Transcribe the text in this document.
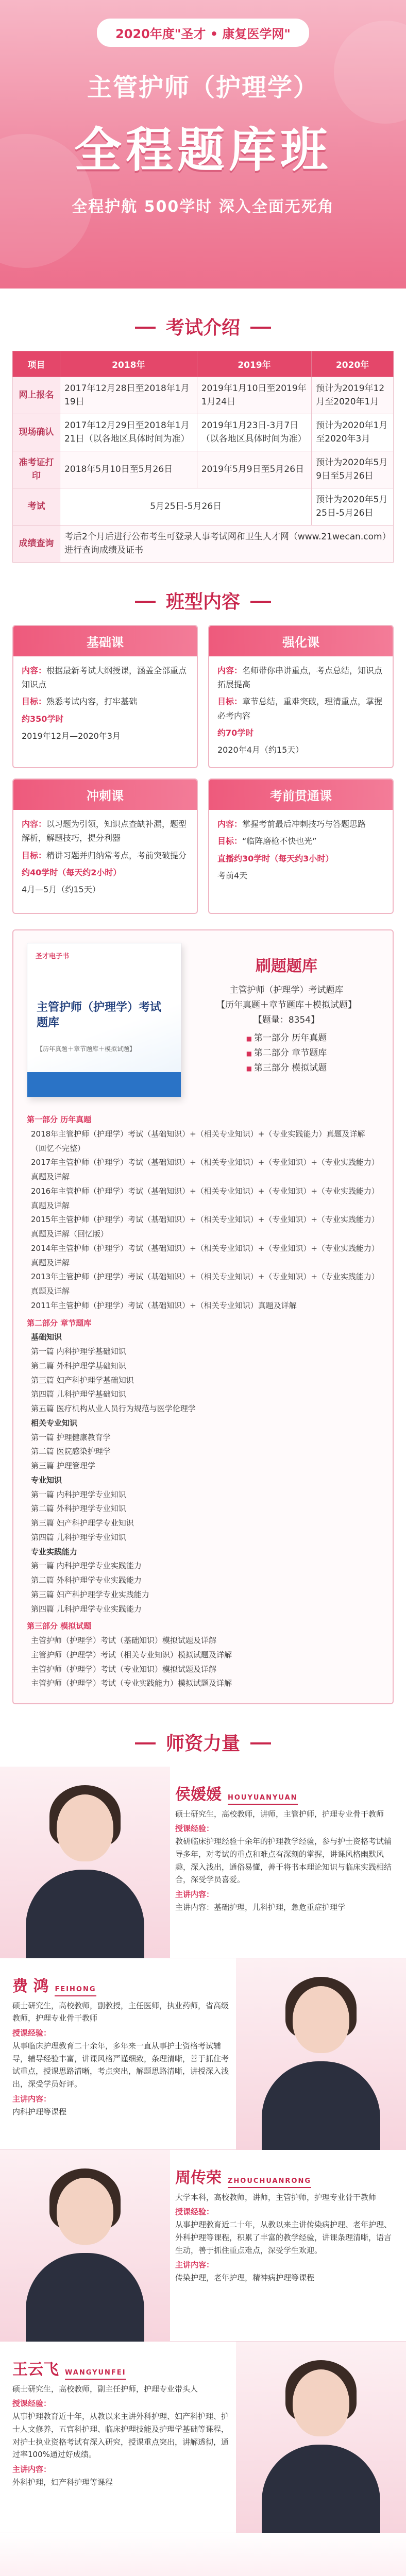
2020年度"圣才 • 康复医学网"
主管护师（护理学）
全程题库班
全程护航 500学时 深入全面无死角
考试介绍
项目	2018年	2019年	2020年
网上报名	2017年12月28日至2018年1月19日	2019年1月10日至2019年1月24日	预计为2019年12月至2020年1月
现场确认	2017年12月29日至2018年1月21日（以各地区具体时间为准）	2019年1月23日-3月7日（以各地区具体时间为准）	预计为2020年1月至2020年3月
准考证打印	2018年5月10日至5月26日	2019年5月9日至5月26日	预计为2020年5月9日至5月26日
考试	5月25日-5月26日		预计为2020年5月25日-5月26日
成绩查询	考后2个月后进行公布考生可登录人事考试网和卫生人才网（www.21wecan.com）进行查询成绩及证书		
班型内容
基础课
内容：根据最新考试大纲授课，涵盖全部重点知识点
目标：熟悉考试内容，打牢基础
约350学时
2019年12月—2020年3月
强化课
内容：名师带你串讲重点，考点总结，知识点拓展提高
目标：章节总结，重难突破，理清重点，掌握必考内容
约70学时
2020年4月（约15天）
冲刺课
内容：以习题为引领，知识点查缺补漏，题型解析，解题技巧，提分利器
目标：精讲习题并归纳常考点，考前突破提分
约40学时（每天约2小时）
4月—5月（约15天）
考前贯通课
内容：掌握考前最后冲刺技巧与答题思路
目标：“临阵磨枪不快也光”
直播约30学时（每天约3小时）
考前4天
圣才电子书
主管护师（护理学）考试题库
【历年真题＋章节题库＋模拟试题】
刷题题库
主管护师（护理学）考试题库
【历年真题＋章节题库＋模拟试题】
【题量：8354】
■ 第一部分 历年真题
■ 第二部分 章节题库
■ 第三部分 模拟试题
第一部分 历年真题
2018年主管护师（护理学）考试（基础知识）+（相关专业知识）+（专业实践能力）真题及详解（回忆不完整）
2017年主管护师（护理学）考试（基础知识）+（相关专业知识）+（专业知识）+（专业实践能力）真题及详解
2016年主管护师（护理学）考试（基础知识）+（相关专业知识）+（专业知识）+（专业实践能力）真题及详解
2015年主管护师（护理学）考试（基础知识）+（相关专业知识）+（专业知识）+（专业实践能力）真题及详解（回忆版）
2014年主管护师（护理学）考试（基础知识）+（相关专业知识）+（专业知识）+（专业实践能力）真题及详解
2013年主管护师（护理学）考试（基础知识）+（相关专业知识）+（专业知识）+（专业实践能力）真题及详解
2011年主管护师（护理学）考试（基础知识）+（相关专业知识）真题及详解
第二部分 章节题库
基础知识
第一篇 内科护理学基础知识
第二篇 外科护理学基础知识
第三篇 妇产科护理学基础知识
第四篇 儿科护理学基础知识
第五篇 医疗机构从业人员行为规范与医学伦理学
相关专业知识
第一篇 护理健康教育学
第二篇 医院感染护理学
第三篇 护理管理学
专业知识
第一篇 内科护理学专业知识
第二篇 外科护理学专业知识
第三篇 妇产科护理学专业知识
第四篇 儿科护理学专业知识
专业实践能力
第一篇 内科护理学专业实践能力
第二篇 外科护理学专业实践能力
第三篇 妇产科护理学专业实践能力
第四篇 儿科护理学专业实践能力
第三部分 模拟试题
主管护师（护理学）考试（基础知识）模拟试题及详解
主管护师（护理学）考试（相关专业知识）模拟试题及详解
主管护师（护理学）考试（专业知识）模拟试题及详解
主管护师（护理学）考试（专业实践能力）模拟试题及详解
师资力量
侯媛媛 HOUYUANYUAN
硕士研究生，高校教师，讲师，主管护师，护理专业骨干教师
授课经验：
教研临床护理经验十余年的护理教学经验，参与护士资格考试辅导多年，对考试的重点和难点有深刻的掌握，讲课风格幽默风趣，深入浅出，通俗易懂，善于将书本理论知识与临床实践相结合，深受学员喜爱。
主讲内容：
主讲内容：基础护理，儿科护理，急危重症护理学
费 鸿 FEIHONG
硕士研究生，高校教师，副教授，主任医师，执业药师，省高级教师，护理专业骨干教师
授课经验：
从事临床护理教育二十余年，多年来一直从事护士资格考试辅导，辅导经验丰富，讲课风格严谨细致，条理清晰，善于抓住考试重点，授课思路清晰，考点突出，解题思路清晰，讲授深入浅出，深受学员好评。
主讲内容：
内科护理等课程
周传荣 ZHOUCHUANRONG
大学本科，高校教师，讲师，主管护师，护理专业骨干教师
授课经验：
从事护理教育近二十年，从教以来主讲传染病护理、老年护理、外科护理等课程，积累了丰富的教学经验，讲课条理清晰，语言生动，善于抓住重点难点，深受学生欢迎。
主讲内容：
传染护理，老年护理，精神病护理等课程
王云飞 WANGYUNFEI
硕士研究生，高校教师，副主任护师，护理专业带头人
授课经验：
从事护理教育近十年，从教以来主讲外科护理、妇产科护理、护士人文修养，五官科护理、临床护理技能及护理学基础等课程，对护士执业资格考试有深入研究，授课重点突出，讲解透彻，通过率100%通过好成绩。
主讲内容：
外科护理，妇产科护理等课程
